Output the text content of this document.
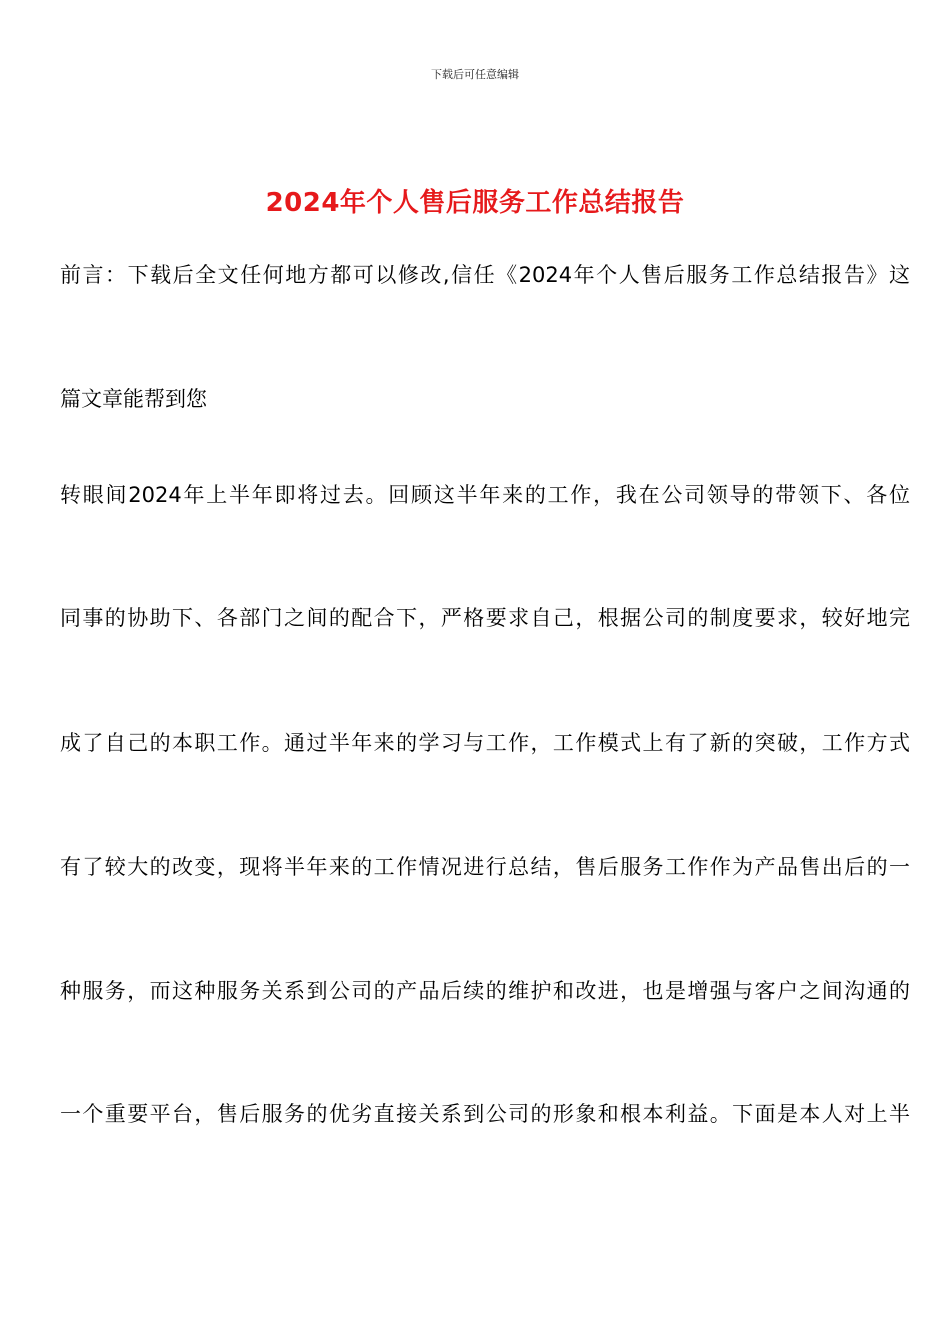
下载后可任意编辑
2024年个人售后服务工作总结报告
前言：下载后全文任何地方都可以修改,信任《2024年个人售后服务工作总结报告》这
篇文章能帮到您
转眼间2024年上半年即将过去。回顾这半年来的工作，我在公司领导的带领下、各位
同事的协助下、各部门之间的配合下，严格要求自己，根据公司的制度要求，较好地完
成了自己的本职工作。通过半年来的学习与工作，工作模式上有了新的突破，工作方式
有了较大的改变，现将半年来的工作情况进行总结，售后服务工作作为产品售出后的一
种服务，而这种服务关系到公司的产品后续的维护和改进，也是增强与客户之间沟通的
一个重要平台，售后服务的优劣直接关系到公司的形象和根本利益。下面是本人对上半
